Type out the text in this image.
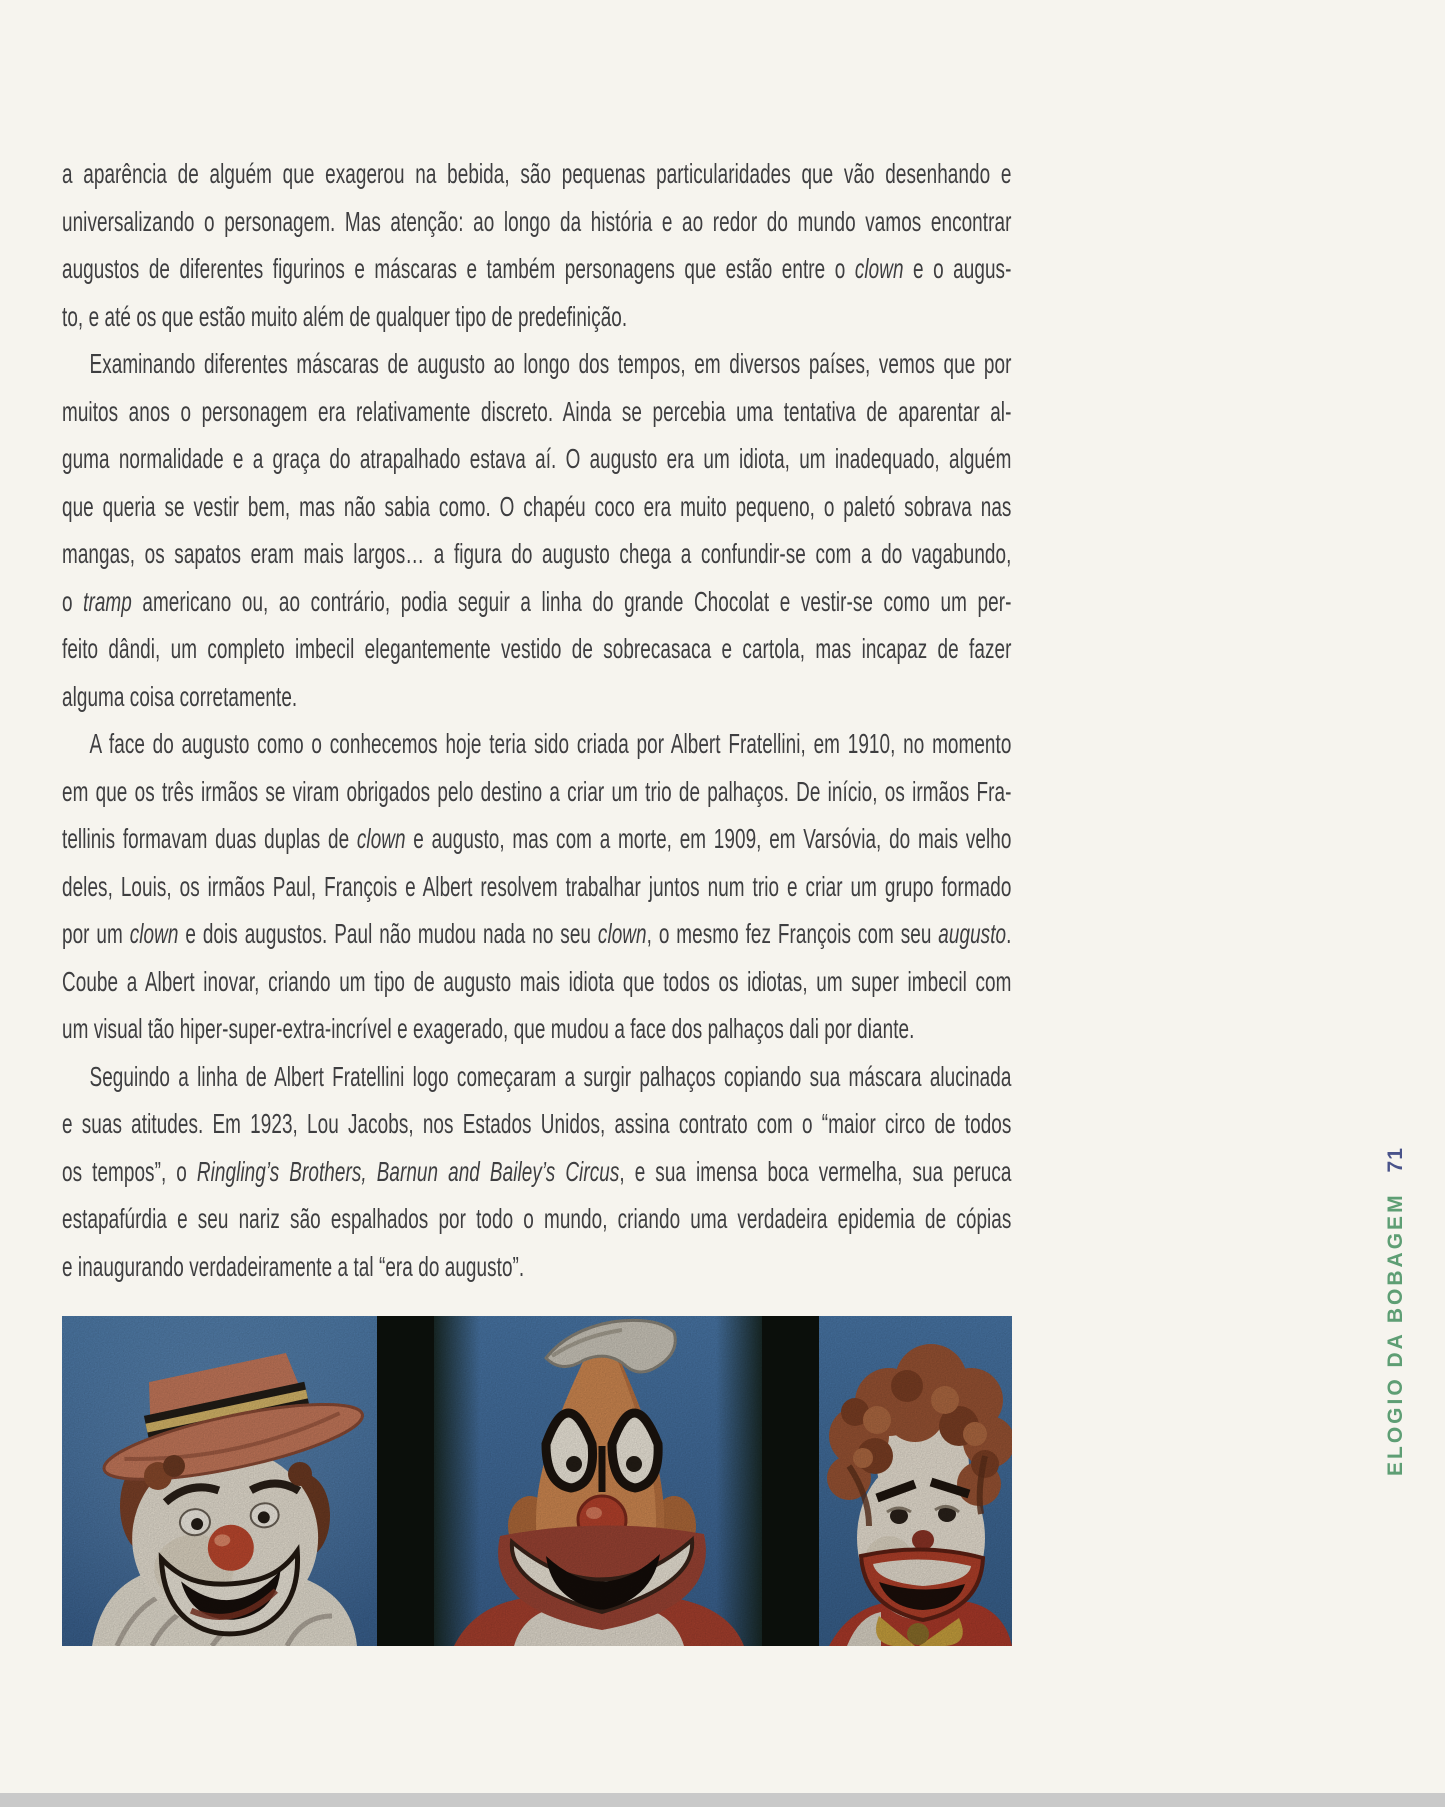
a aparência de alguém que exagerou na bebida, são pequenas particularidades que vão desenhando e
universalizando o personagem. Mas atenção: ao longo da história e ao redor do mundo vamos encontrar
augustos de diferentes figurinos e máscaras e também personagens que estão entre o clown e o augus-
to, e até os que estão muito além de qualquer tipo de predefinição.
Examinando diferentes máscaras de augusto ao longo dos tempos, em diversos países, vemos que por
muitos anos o personagem era relativamente discreto. Ainda se percebia uma tentativa de aparentar al-
guma normalidade e a graça do atrapalhado estava aí. O augusto era um idiota, um inadequado, alguém
que queria se vestir bem, mas não sabia como. O chapéu coco era muito pequeno, o paletó sobrava nas
mangas, os sapatos eram mais largos… a figura do augusto chega a confundir-se com a do vagabundo,
o tramp americano ou, ao contrário, podia seguir a linha do grande Chocolat e vestir-se como um per-
feito dândi, um completo imbecil elegantemente vestido de sobrecasaca e cartola, mas incapaz de fazer
alguma coisa corretamente.
A face do augusto como o conhecemos hoje teria sido criada por Albert Fratellini, em 1910, no momento
em que os três irmãos se viram obrigados pelo destino a criar um trio de palhaços. De início, os irmãos Fra-
tellinis formavam duas duplas de clown e augusto, mas com a morte, em 1909, em Varsóvia, do mais velho
deles, Louis, os irmãos Paul, François e Albert resolvem trabalhar juntos num trio e criar um grupo formado
por um clown e dois augustos. Paul não mudou nada no seu clown, o mesmo fez François com seu augusto.
Coube a Albert inovar, criando um tipo de augusto mais idiota que todos os idiotas, um super imbecil com
um visual tão hiper-super-extra-incrível e exagerado, que mudou a face dos palhaços dali por diante.
Seguindo a linha de Albert Fratellini logo começaram a surgir palhaços copiando sua máscara alucinada
e suas atitudes. Em 1923, Lou Jacobs, nos Estados Unidos, assina contrato com o “maior circo de todos
os tempos”, o Ringling’s Brothers, Barnun and Bailey’s Circus, e sua imensa boca vermelha, sua peruca
estapafúrdia e seu nariz são espalhados por todo o mundo, criando uma verdadeira epidemia de cópias
e inaugurando verdadeiramente a tal “era do augusto”.	ELOGIO DA BOBAGEM71
